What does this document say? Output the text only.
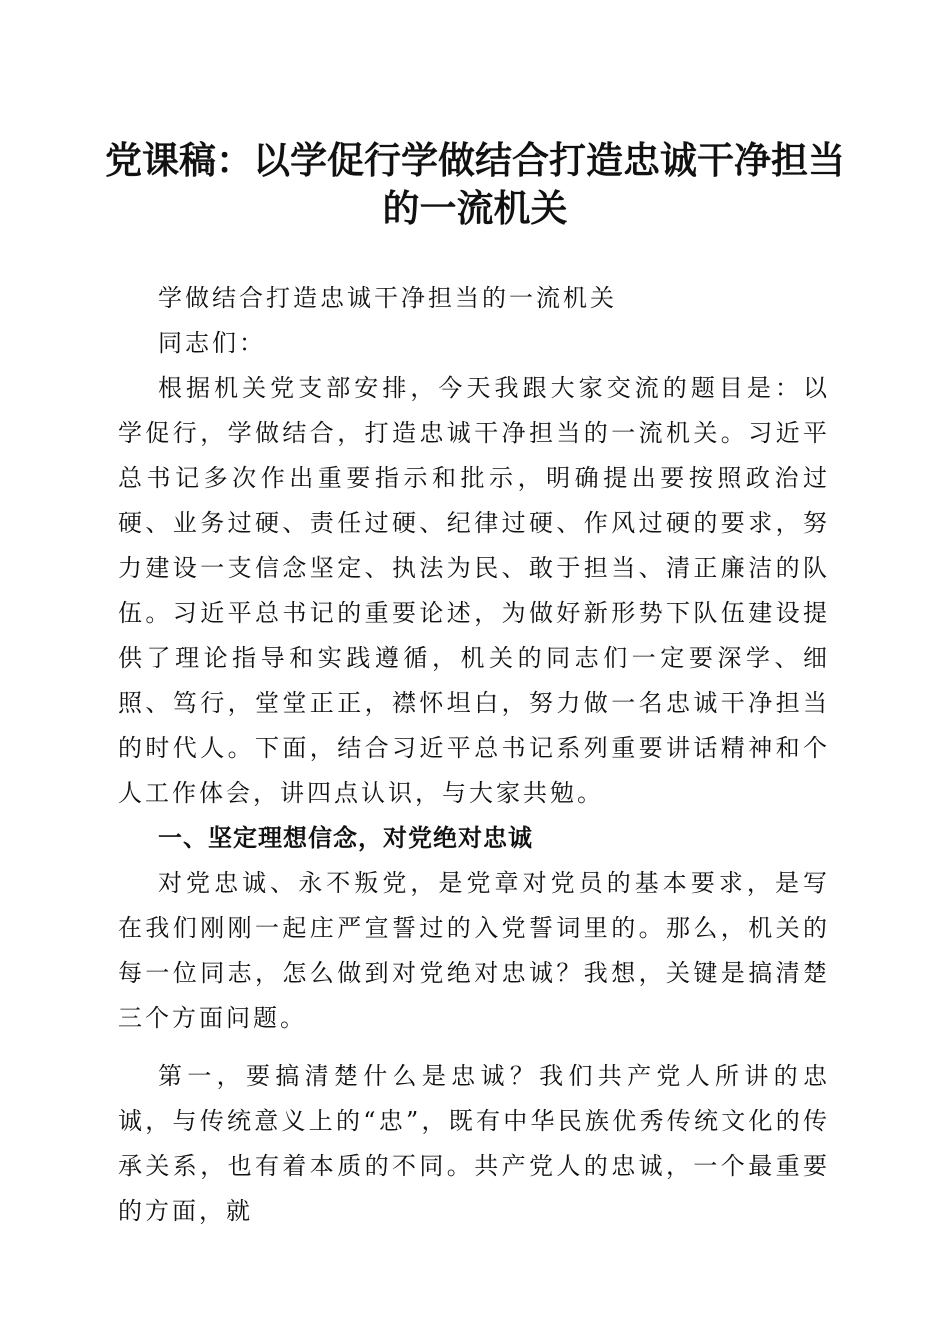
党课稿：以学促行学做结合打造忠诚干净担当
的一流机关

学做结合打造忠诚干净担当的一流机关

同志们：

根据机关党支部安排，今天我跟大家交流的题目是：以学促行，学做结合，打造忠诚干净担当的一流机关。习近平总书记多次作出重要指示和批示，明确提出要按照政治过硬、业务过硬、责任过硬、纪律过硬、作风过硬的要求，努力建设一支信念坚定、执法为民、敢于担当、清正廉洁的队伍。习近平总书记的重要论述，为做好新形势下队伍建设提供了理论指导和实践遵循，机关的同志们一定要深学、细照、笃行，堂堂正正，襟怀坦白，努力做一名忠诚干净担当的时代人。下面，结合习近平总书记系列重要讲话精神和个人工作体会，讲四点认识，与大家共勉。

一、坚定理想信念，对党绝对忠诚

对党忠诚、永不叛党，是党章对党员的基本要求，是写在我们刚刚一起庄严宣誓过的入党誓词里的。那么，机关的每一位同志，怎么做到对党绝对忠诚？我想，关键是搞清楚三个方面问题。

第一，要搞清楚什么是忠诚？我们共产党人所讲的忠诚，与传统意义上的“忠”，既有中华民族优秀传统文化的传承关系，也有着本质的不同。共产党人的忠诚，一个最重要的方面，就
